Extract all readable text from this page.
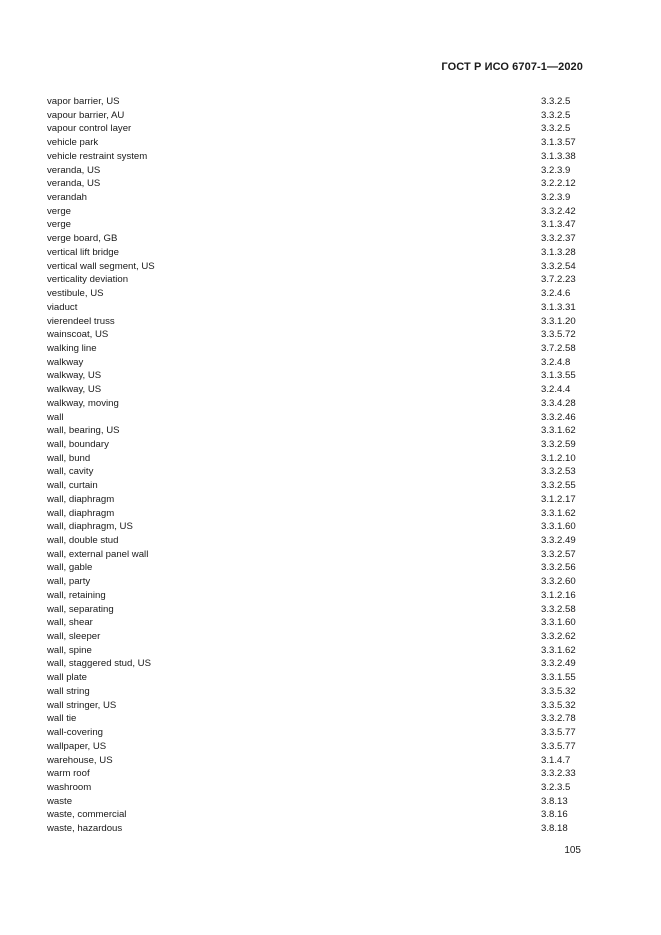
ГОСТ Р ИСО 6707-1—2020
vapor barrier, US	3.3.2.5
vapour barrier, AU	3.3.2.5
vapour control layer	3.3.2.5
vehicle park	3.1.3.57
vehicle restraint system	3.1.3.38
veranda, US	3.2.3.9
veranda, US	3.2.2.12
verandah	3.2.3.9
verge	3.3.2.42
verge	3.1.3.47
verge board, GB	3.3.2.37
vertical lift bridge	3.1.3.28
vertical wall segment, US	3.3.2.54
verticality deviation	3.7.2.23
vestibule, US	3.2.4.6
viaduct	3.1.3.31
vierendeel truss	3.3.1.20
wainscoat, US	3.3.5.72
walking line	3.7.2.58
walkway	3.2.4.8
walkway, US	3.1.3.55
walkway, US	3.2.4.4
walkway, moving	3.3.4.28
wall	3.3.2.46
wall, bearing, US	3.3.1.62
wall, boundary	3.3.2.59
wall, bund	3.1.2.10
wall, cavity	3.3.2.53
wall, curtain	3.3.2.55
wall, diaphragm	3.1.2.17
wall, diaphragm	3.3.1.62
wall, diaphragm, US	3.3.1.60
wall, double stud	3.3.2.49
wall, external panel wall	3.3.2.57
wall, gable	3.3.2.56
wall, party	3.3.2.60
wall, retaining	3.1.2.16
wall, separating	3.3.2.58
wall, shear	3.3.1.60
wall, sleeper	3.3.2.62
wall, spine	3.3.1.62
wall, staggered stud, US	3.3.2.49
wall plate	3.3.1.55
wall string	3.3.5.32
wall stringer, US	3.3.5.32
wall tie	3.3.2.78
wall-covering	3.3.5.77
wallpaper, US	3.3.5.77
warehouse, US	3.1.4.7
warm roof	3.3.2.33
washroom	3.2.3.5
waste	3.8.13
waste, commercial	3.8.16
waste, hazardous	3.8.18
105
